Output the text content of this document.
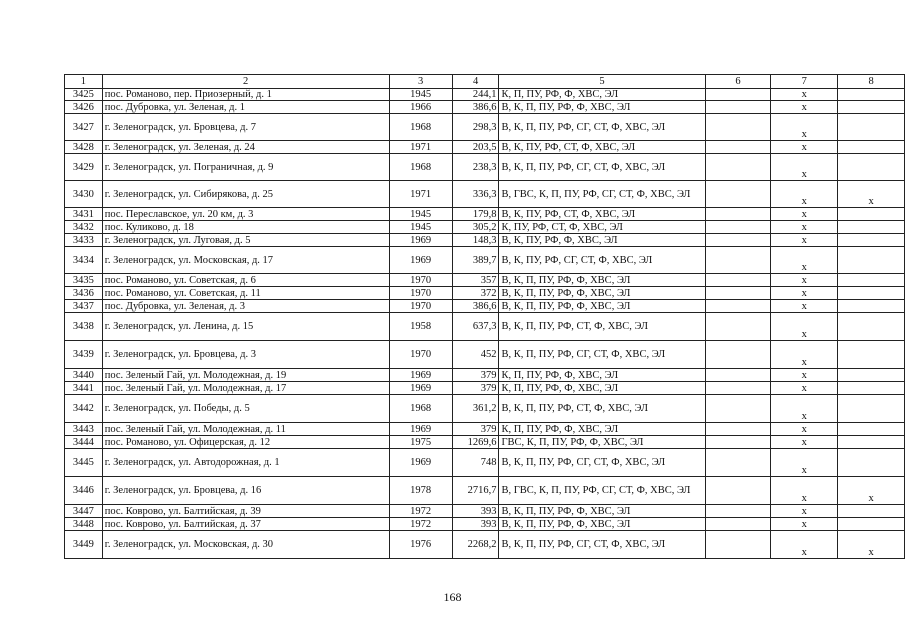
1	2	3	4	5	6	7	8
3425	пос. Романово, пер. Приозерный, д. 1	1945	244,1	К, П, ПУ, РФ, Ф, ХВС, ЭЛ		х	
3426	пос. Дубровка, ул. Зеленая, д. 1	1966	386,6	В, К, П, ПУ, РФ, Ф, ХВС, ЭЛ		х	
3427	г. Зеленоградск, ул. Бровцева, д. 7	1968	298,3	В, К, П, ПУ, РФ, СГ, СТ, Ф, ХВС, ЭЛ		х	
3428	г. Зеленоградск, ул. Зеленая, д. 24	1971	203,5	В, К, ПУ, РФ, СТ, Ф, ХВС, ЭЛ		х	
3429	г. Зеленоградск, ул. Пограничная, д. 9	1968	238,3	В, К, П, ПУ, РФ, СГ, СТ, Ф, ХВС, ЭЛ		х	
3430	г. Зеленоградск, ул. Сибирякова, д. 25	1971	336,3	В, ГВС, К, П, ПУ, РФ, СГ, СТ, Ф, ХВС, ЭЛ		х	х
3431	пос. Переславское, ул. 20 км, д. 3	1945	179,8	В, К, ПУ, РФ, СТ, Ф, ХВС, ЭЛ		х	
3432	пос. Куликово, д. 18	1945	305,2	К, ПУ, РФ, СТ, Ф, ХВС, ЭЛ		х	
3433	г. Зеленоградск, ул. Луговая, д. 5	1969	148,3	В, К, ПУ, РФ, Ф, ХВС, ЭЛ		х	
3434	г. Зеленоградск, ул. Московская, д. 17	1969	389,7	В, К, ПУ, РФ, СГ, СТ, Ф, ХВС, ЭЛ		х	
3435	пос. Романово, ул. Советская, д. 6	1970	357	В, К, П, ПУ, РФ, Ф, ХВС, ЭЛ		х	
3436	пос. Романово, ул. Советская, д. 11	1970	372	В, К, П, ПУ, РФ, Ф, ХВС, ЭЛ		х	
3437	пос. Дубровка, ул. Зеленая, д. 3	1970	386,6	В, К, П, ПУ, РФ, Ф, ХВС, ЭЛ		х	
3438	г. Зеленоградск, ул. Ленина, д. 15	1958	637,3	В, К, П, ПУ, РФ, СТ, Ф, ХВС, ЭЛ		х	
3439	г. Зеленоградск, ул. Бровцева, д. 3	1970	452	В, К, П, ПУ, РФ, СГ, СТ, Ф, ХВС, ЭЛ		х	
3440	пос. Зеленый Гай, ул. Молодежная, д. 19	1969	379	К, П, ПУ, РФ, Ф, ХВС, ЭЛ		х	
3441	пос. Зеленый Гай, ул. Молодежная, д. 17	1969	379	К, П, ПУ, РФ, Ф, ХВС, ЭЛ		х	
3442	г. Зеленоградск, ул. Победы, д. 5	1968	361,2	В, К, П, ПУ, РФ, СТ, Ф, ХВС, ЭЛ		х	
3443	пос. Зеленый Гай, ул. Молодежная, д. 11	1969	379	К, П, ПУ, РФ, Ф, ХВС, ЭЛ		х	
3444	пос. Романово, ул. Офицерская, д. 12	1975	1269,6	ГВС, К, П, ПУ, РФ, Ф, ХВС, ЭЛ		х	
3445	г. Зеленоградск, ул. Автодорожная, д. 1	1969	748	В, К, П, ПУ, РФ, СГ, СТ, Ф, ХВС, ЭЛ		х	
3446	г. Зеленоградск, ул. Бровцева, д. 16	1978	2716,7	В, ГВС, К, П, ПУ, РФ, СГ, СТ, Ф, ХВС, ЭЛ		х	х
3447	пос. Коврово, ул. Балтийская, д. 39	1972	393	В, К, П, ПУ, РФ, Ф, ХВС, ЭЛ		х	
3448	пос. Коврово, ул. Балтийская, д. 37	1972	393	В, К, П, ПУ, РФ, Ф, ХВС, ЭЛ		х	
3449	г. Зеленоградск, ул. Московская, д. 30	1976	2268,2	В, К, П, ПУ, РФ, СГ, СТ, Ф, ХВС, ЭЛ		х	х
168
